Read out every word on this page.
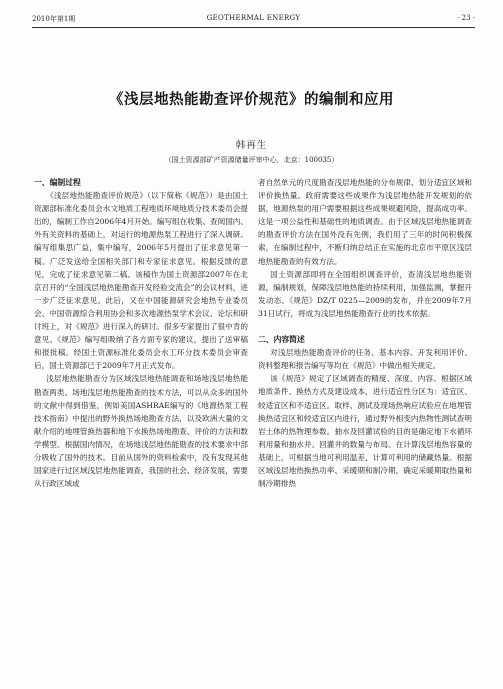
2010年第1期	GEOTHERMAL ENERGY	· 23 ·
《浅层地热能勘查评价规范》的编制和应用
韩再生
（国土资源部矿产资源储量评审中心，北京：100035）
一、编制过程

《浅层地热能勘查评价规范》（以下简称《规范》）是由国土资源部标准化委员会水文地质工程地质环境地质分技术委员会提出的，编制工作自2006年4月开始。编写组在收集、查阅国内、外有关资料的基础上，对运行的地源热泵工程进行了深入调研。编写组集思广益，集中编写，2006年5月提出了征求意见第一稿。广泛发送给全国相关部门和专家征求意见。根据反馈的意见，完成了征求意见第二稿。该稿作为国土资源部2007年在北京召开的“全国浅层地热能勘查开发经验交流会”的会议材料，进一步广泛征求意见。此后，又在中国能源研究会地热专业委员会、中国资源综合利用协会和多次地源热泵学术会议、论坛和研讨班上，对《规范》进行深入的研讨。很多专家提出了很中肯的意见。《规范》编写组吸纳了各方面专家的建议，提出了送审稿和报批稿。经国土资源标准化委员会水工环分技术委员会审查后，国土资源部已于2009年7月正式发布。

浅层地热能勘查分为区域浅层地热能调查和场地浅层地热能勘查两类。场地浅层地热能勘查的技术方法，可以从众多的国外的文献中得到借鉴，例如美国ASHRAE编写的《地源热泵工程技术指南》中提出的野外换热场地勘查方法，以及欧洲大量的文献介绍的地埋管换热器和地下水换热场地勘查、评价的方法和数学模型。根据国内情况，在场地浅层地热能勘查的技术要求中部分吸收了国外的技术。目前从国外的资料检索中，没有发现其他国家进行过区域浅层地热能调查，我国的社会、经济发展，需要从行政区域或

者自然单元的尺度勘查浅层地热能的分布规律、划分适宜区域和评价换热量。政府需要这些成果作为浅层地热能开发规划的依据，地源热泵的用户需要根据这些成果规避风险，提高成功率。这是一项公益性和基础性的地质调查。由于区域浅层地热能调查的勘查评价方法在国外没有先例，我们用了三年的时间积极探索，在编制过程中，不断归纳总结正在实施的北京市平原区浅层地热能勘查的有效方法。

国土资源部即将在全国组织调查评价，查清浅层地热能资源，编制规划，保障浅层地热能的持续利用，加强监测，掌握开发动态。《规范》DZ/T 0225—2009的发布，并在2009年7月31日试行，将成为浅层地热能勘查行业的技术依据。

二、内容简述

对浅层地热能勘查评价的任务、基本内容、开发利用评价、资料整理和报告编写等均在《规范》中做出相关规定。

该《规范》规定了区域调查的精度、深度、内容。根据区域地质条件、换热方式及建设成本，进行适宜性分区为：适宜区、较适宜区和不适宜区。取样、测试及现场热响应试验应在地埋管换热适宜区和较适宜区内进行，通过野外相变内热物性测试查明岩土体的热物理参数。抽水及回灌试验的目的是确定地下水循环利用量和抽水井、回灌井的数量与布局。在计算浅层地热容量的基础上，可根据当地可利用温差，计算可利用的储藏热量。根据区域浅层地热换热功率、采暖期和制冷期，确定采暖期取热量和制冷期排热
